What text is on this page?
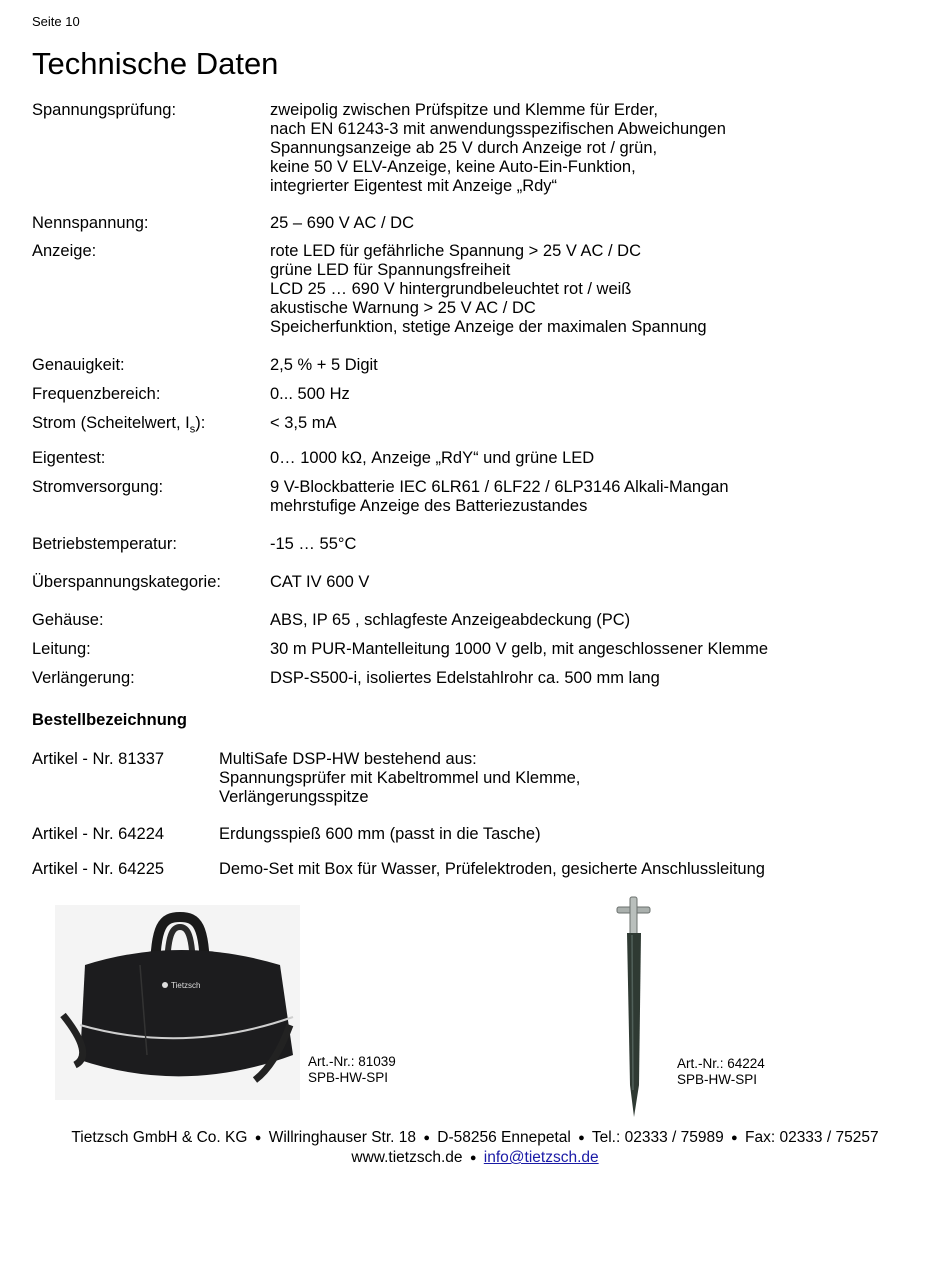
Seite 10
Technische Daten
Spannungsprüfung:	zweipolig zwischen Prüfspitze und Klemme für Erder,
nach EN 61243-3 mit anwendungsspezifischen Abweichungen
Spannungsanzeige ab 25 V durch Anzeige rot / grün,
keine 50 V ELV-Anzeige, keine Auto-Ein-Funktion,
integrierter Eigentest mit Anzeige „Rdy“
Nennspannung:	25 – 690 V AC / DC
Anzeige:	rote LED für gefährliche Spannung > 25 V AC / DC
grüne LED für Spannungsfreiheit
LCD 25 … 690 V hintergrundbeleuchtet rot / weiß
akustische Warnung > 25 V AC / DC
Speicherfunktion, stetige Anzeige der maximalen Spannung
Genauigkeit:	2,5 % + 5 Digit
Frequenzbereich:	0... 500 Hz
Strom (Scheitelwert, $I_s$):	< 3,5 mA
Eigentest:	0… 1000 kΩ, Anzeige „RdY“ und grüne LED
Stromversorgung:	9 V-Blockbatterie IEC 6LR61 / 6LF22 / 6LP3146 Alkali-Mangan
mehrstufige Anzeige des Batteriezustandes
Betriebstemperatur:	-15 … 55°C
Überspannungskategorie:	CAT IV 600 V
Gehäuse:	ABS, IP 65 , schlagfeste Anzeigeabdeckung (PC)
Leitung:	30 m PUR-Mantelleitung 1000 V gelb, mit angeschlossener Klemme
Verlängerung:	DSP-S500-i, isoliertes Edelstahlrohr ca. 500 mm lang
Bestellbezeichnung
Artikel - Nr. 81337	MultiSafe DSP-HW bestehend aus:
Spannungsprüfer mit Kabeltrommel und Klemme,
Verlängerungsspitze
Artikel - Nr. 64224	Erdungsspieß 600 mm (passt in die Tasche)
Artikel - Nr. 64225	Demo-Set mit Box für Wasser, Prüfelektroden, gesicherte Anschlussleitung
Tietzsch
Art.-Nr.: 81039
SPB-HW-SPI
Art.-Nr.: 64224
SPB-HW-SPI
Tietzsch GmbH & Co. KG ● Willringhauser Str. 18 ● D-58256 Ennepetal ● Tel.: 02333 / 75989 ● Fax: 02333 / 75257
www.tietzsch.de ● info@tietzsch.de
